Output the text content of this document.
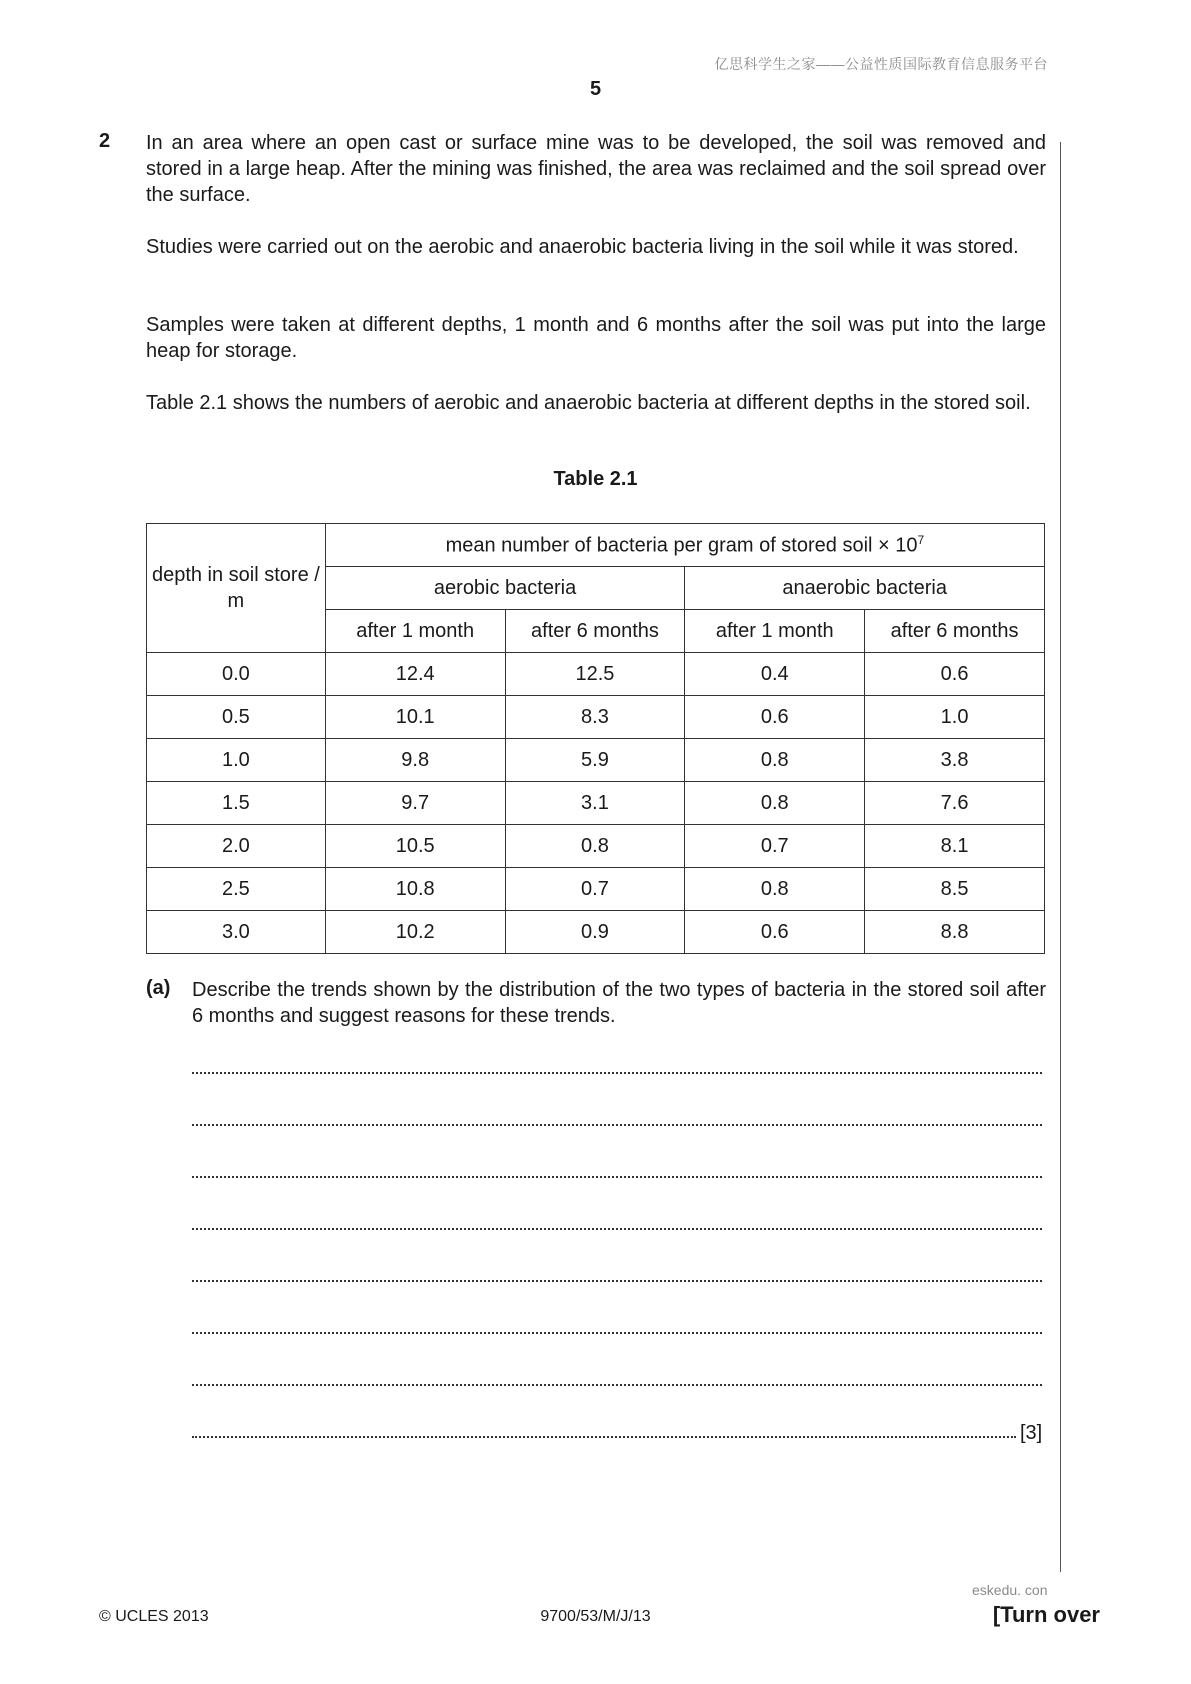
亿思科学生之家——公益性质国际教育信息服务平台
5
2 In an area where an open cast or surface mine was to be developed, the soil was removed and stored in a large heap. After the mining was finished, the area was reclaimed and the soil spread over the surface.
Studies were carried out on the aerobic and anaerobic bacteria living in the soil while it was stored.
Samples were taken at different depths, 1 month and 6 months after the soil was put into the large heap for storage.
Table 2.1 shows the numbers of aerobic and anaerobic bacteria at different depths in the stored soil.
Table 2.1
depth in soil store / m	mean number of bacteria per gram of stored soil × $10^7$
	aerobic bacteria		anaerobic bacteria	
	after 1 month	after 6 months	after 1 month	after 6 months
0.0	12.4	12.5	0.4	0.6
0.5	10.1	8.3	0.6	1.0
1.0	9.8	5.9	0.8	3.8
1.5	9.7	3.1	0.8	7.6
2.0	10.5	0.8	0.7	8.1
2.5	10.8	0.7	0.8	8.5
3.0	10.2	0.9	0.6	8.8
(a) Describe the trends shown by the distribution of the two types of bacteria in the stored soil after 6 months and suggest reasons for these trends.
[3]
eskedu. con
© UCLES 2013	9700/53/M/J/13	[Turn over
